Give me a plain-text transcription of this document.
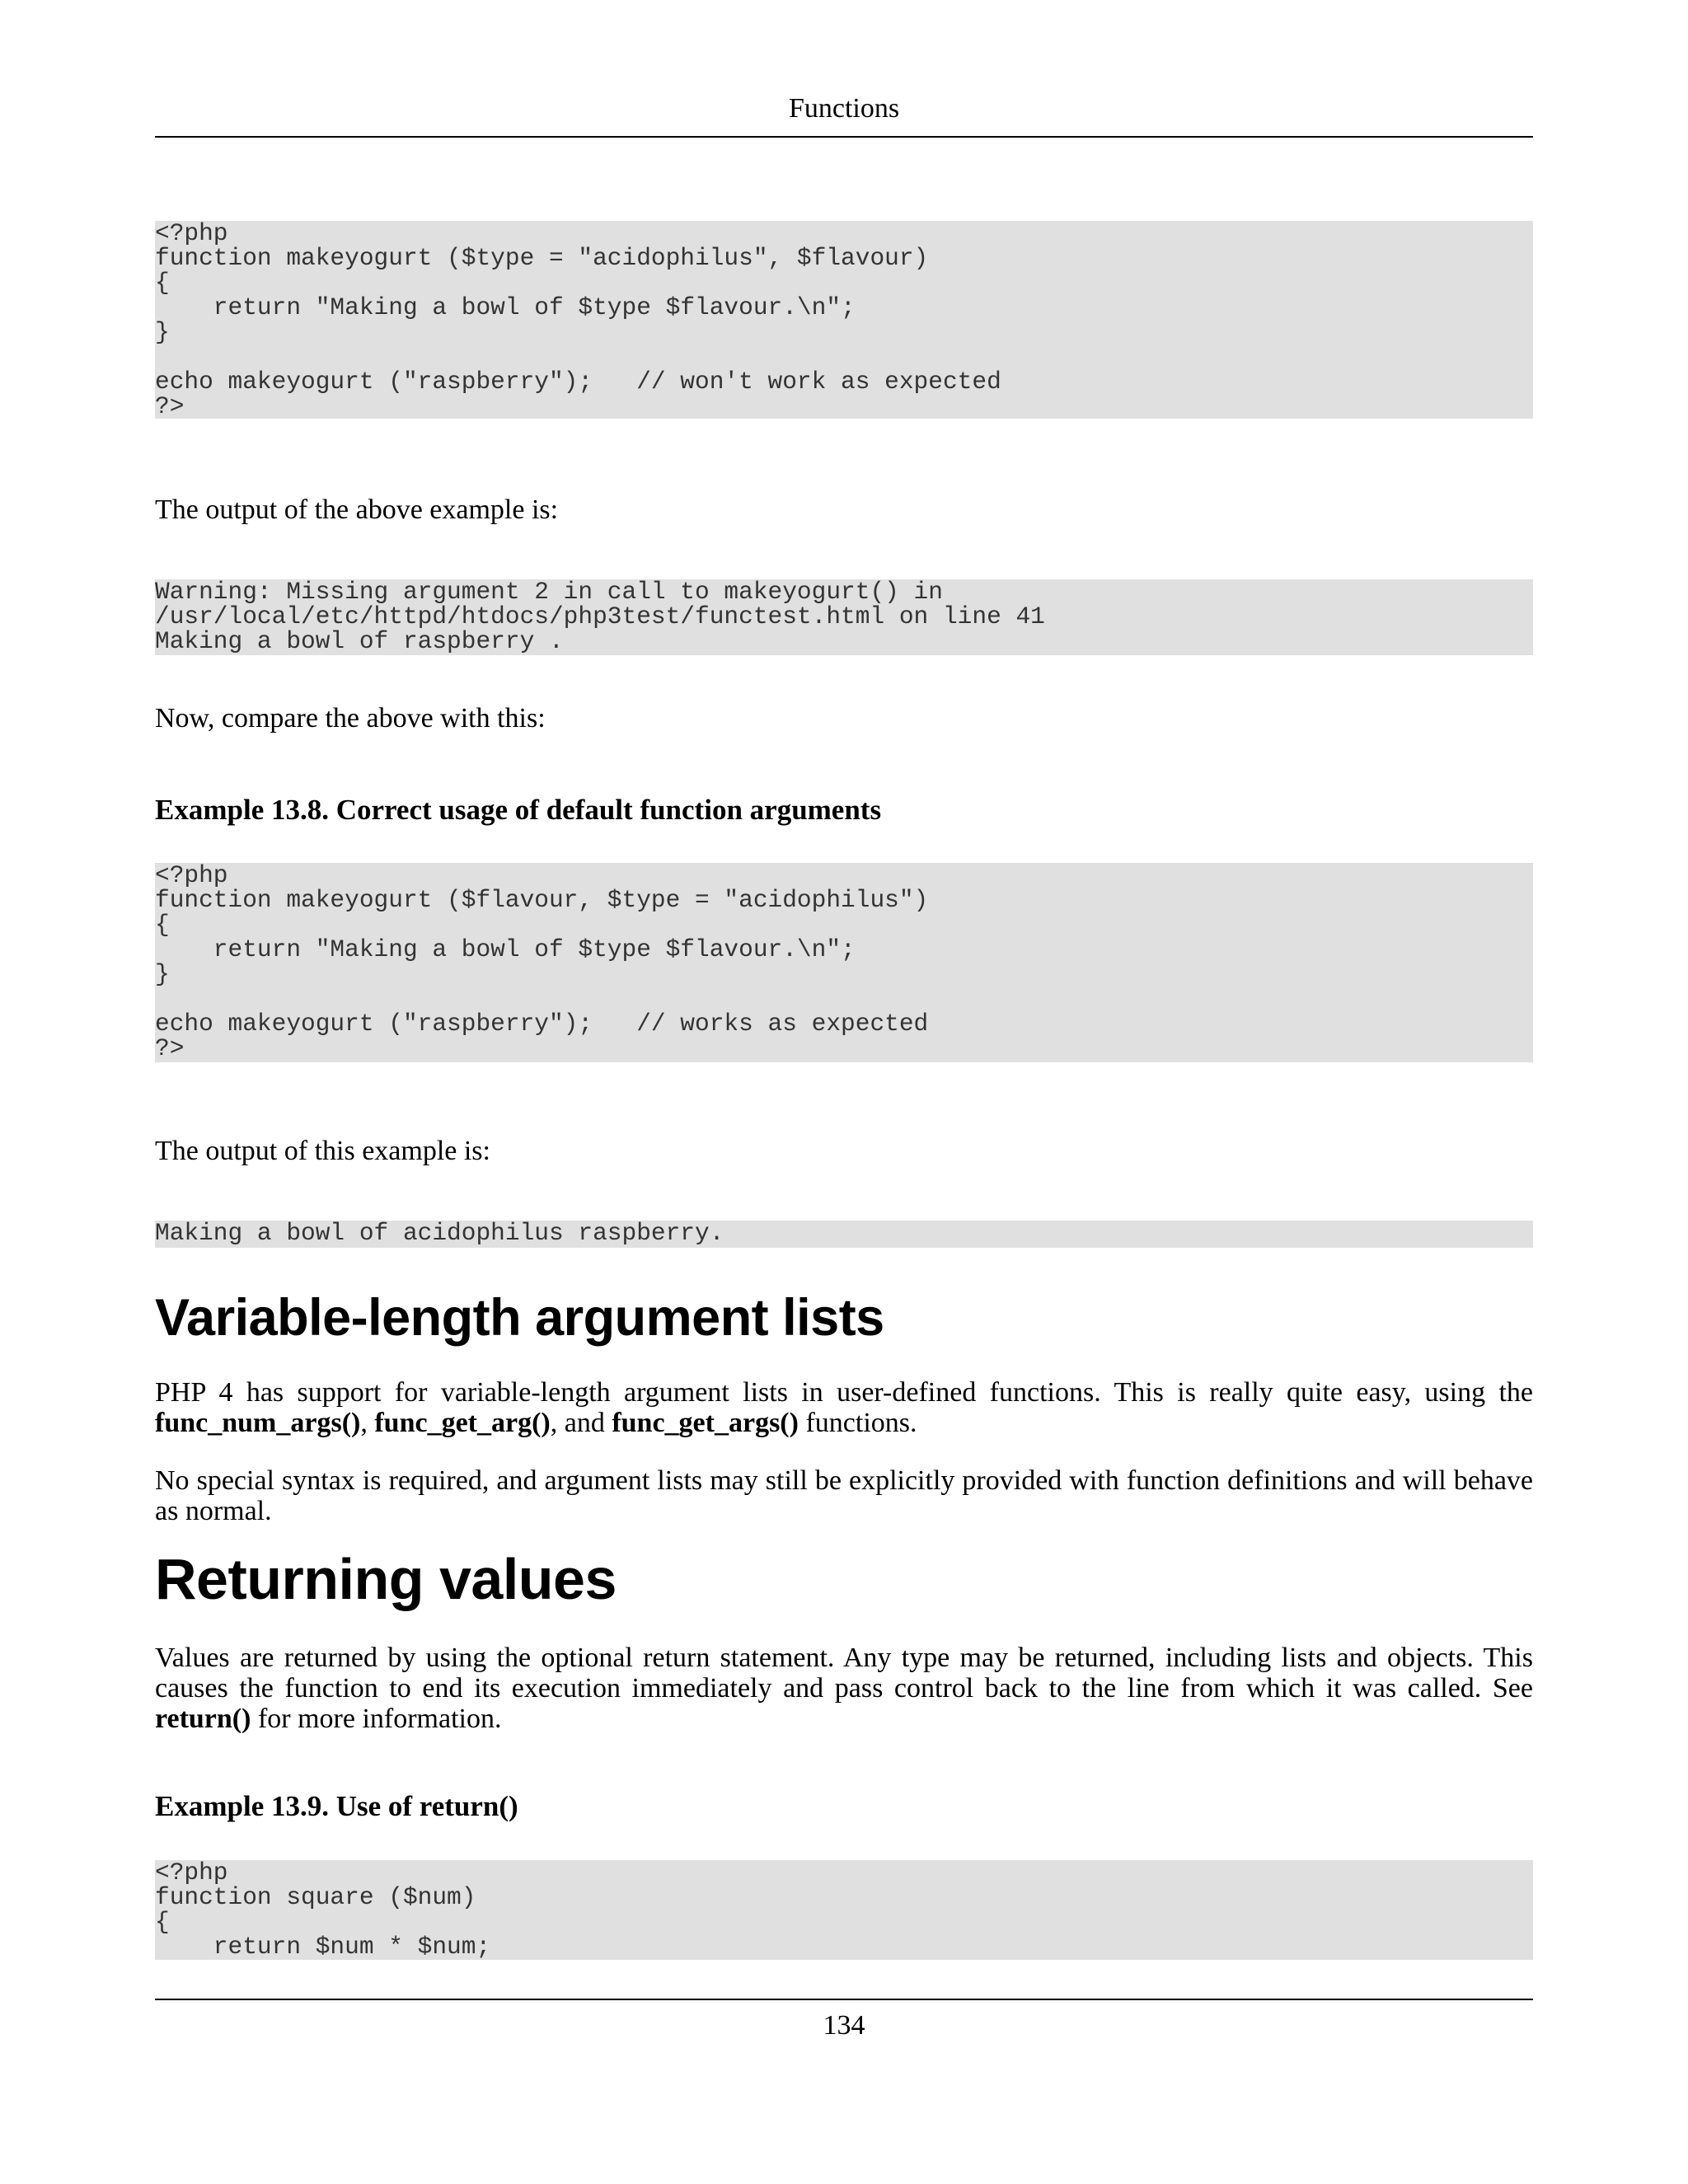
Functions
<?php
function makeyogurt ($type = "acidophilus", $flavour)
{
return "Making a bowl of $type $flavour.\n";
}
echo makeyogurt ("raspberry");   // won't work as expected
?>

The output of the above example is:

Warning: Missing argument 2 in call to makeyogurt() in
/usr/local/etc/httpd/htdocs/php3test/functest.html on line 41
Making a bowl of raspberry .

Now, compare the above with this:

Example 13.8. Correct usage of default function arguments

<?php
function makeyogurt ($flavour, $type = "acidophilus")
{
return "Making a bowl of $type $flavour.\n";
}
echo makeyogurt ("raspberry");   // works as expected
?>

The output of this example is:

Making a bowl of acidophilus raspberry.
Variable-length argument lists

PHP 4 has support for variable-length argument lists in user-defined functions. This is really quite easy, using the func_num_args(), func_get_arg(), and func_get_args() functions.

No special syntax is required, and argument lists may still be explicitly provided with function definitions and will behave as normal.

Returning values

Values are returned by using the optional return statement. Any type may be returned, including lists and objects. This causes the function to end its execution immediately and pass control back to the line from which it was called. See return() for more information.

Example 13.9. Use of return()

<?php
function square ($num)
{
return $num * $num;
134
